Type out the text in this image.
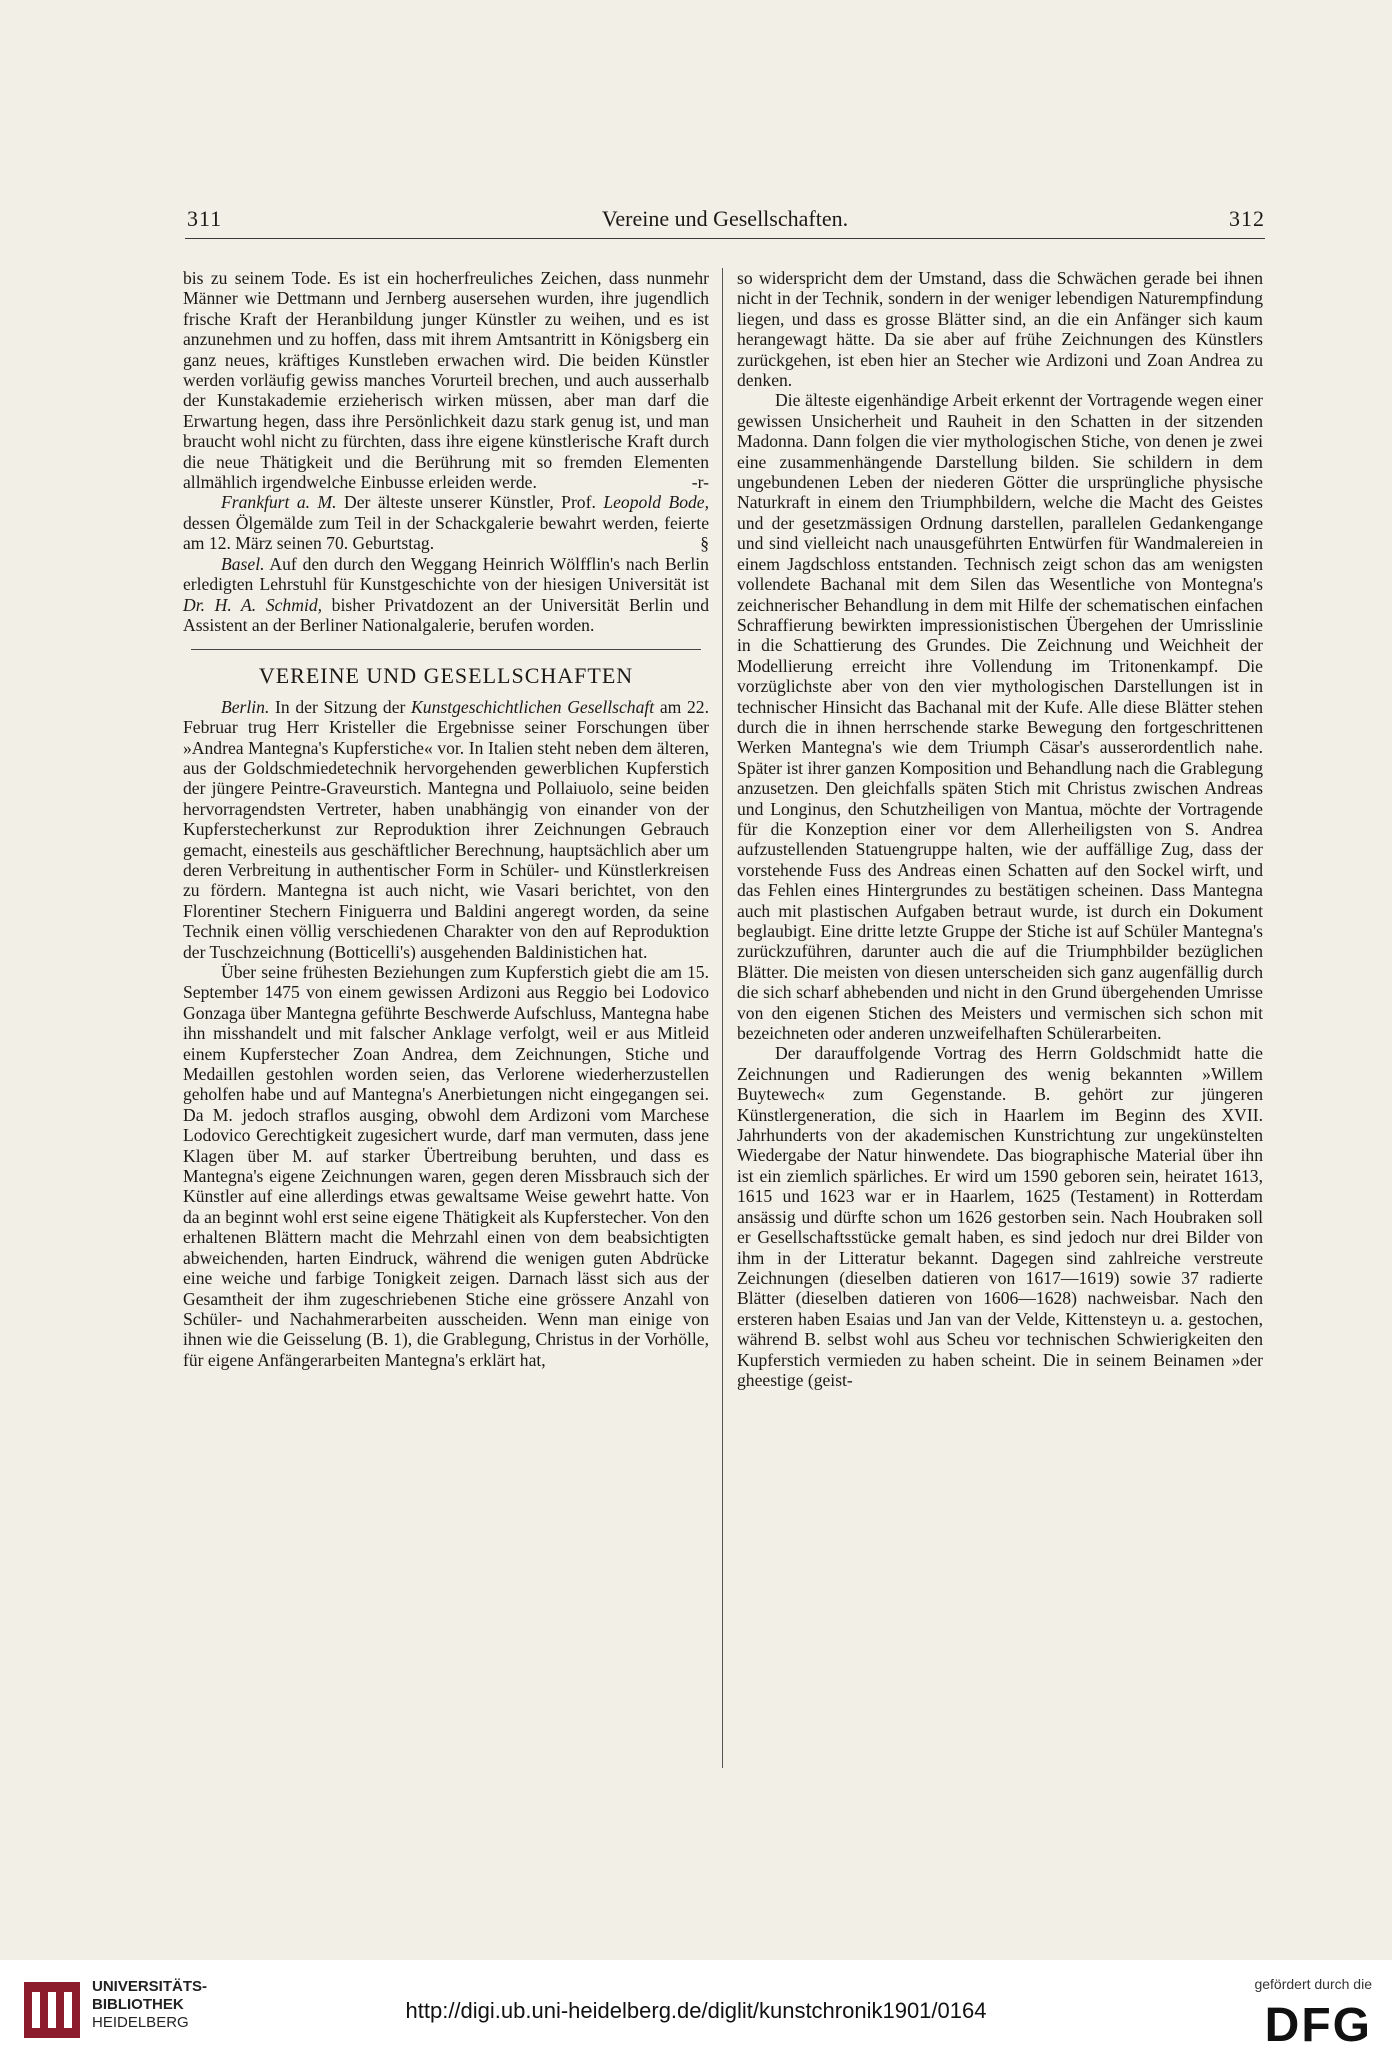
311	Vereine und Gesellschaften.	312

bis zu seinem Tode. Es ist ein hocherfreuliches Zeichen, dass nunmehr Männer wie Dettmann und Jernberg ausersehen wurden, ihre jugendlich frische Kraft der Heranbildung junger Künstler zu weihen, und es ist anzunehmen und zu hoffen, dass mit ihrem Amtsantritt in Königsberg ein ganz neues, kräftiges Kunstleben erwachen wird. Die beiden Künstler werden vorläufig gewiss manches Vorurteil brechen, und auch ausserhalb der Kunstakademie erzieherisch wirken müssen, aber man darf die Erwartung hegen, dass ihre Persönlichkeit dazu stark genug ist, und man braucht wohl nicht zu fürchten, dass ihre eigene künstlerische Kraft durch die neue Thätigkeit und die Berührung mit so fremden Elementen allmählich irgendwelche Einbusse erleiden werde.	-r-

Frankfurt a. M. Der älteste unserer Künstler, Prof. Leopold Bode, dessen Ölgemälde zum Teil in der Schackgalerie bewahrt werden, feierte am 12. März seinen 70. Geburtstag.	§

Basel. Auf den durch den Weggang Heinrich Wölfflin's nach Berlin erledigten Lehrstuhl für Kunstgeschichte von der hiesigen Universität ist Dr. H. A. Schmid, bisher Privatdozent an der Universität Berlin und Assistent an der Berliner Nationalgalerie, berufen worden.

VEREINE UND GESELLSCHAFTEN

Berlin. In der Sitzung der Kunstgeschichtlichen Gesellschaft am 22. Februar trug Herr Kristeller die Ergebnisse seiner Forschungen über »Andrea Mantegna's Kupferstiche« vor. In Italien steht neben dem älteren, aus der Goldschmiedetechnik hervorgehenden gewerblichen Kupferstich der jüngere Peintre-Graveurstich. Mantegna und Pollaiuolo, seine beiden hervorragendsten Vertreter, haben unabhängig von einander von der Kupferstecherkunst zur Reproduktion ihrer Zeichnungen Gebrauch gemacht, einesteils aus geschäftlicher Berechnung, hauptsächlich aber um deren Verbreitung in authentischer Form in Schüler- und Künstlerkreisen zu fördern. Mantegna ist auch nicht, wie Vasari berichtet, von den Florentiner Stechern Finiguerra und Baldini angeregt worden, da seine Technik einen völlig verschiedenen Charakter von den auf Reproduktion der Tuschzeichnung (Botticelli's) ausgehenden Baldinistichen hat.

Über seine frühesten Beziehungen zum Kupferstich giebt die am 15. September 1475 von einem gewissen Ardizoni aus Reggio bei Lodovico Gonzaga über Mantegna geführte Beschwerde Aufschluss, Mantegna habe ihn misshandelt und mit falscher Anklage verfolgt, weil er aus Mitleid einem Kupferstecher Zoan Andrea, dem Zeichnungen, Stiche und Medaillen gestohlen worden seien, das Verlorene wiederherzustellen geholfen habe und auf Mantegna's Anerbietungen nicht eingegangen sei. Da M. jedoch straflos ausging, obwohl dem Ardizoni vom Marchese Lodovico Gerechtigkeit zugesichert wurde, darf man vermuten, dass jene Klagen über M. auf starker Übertreibung beruhten, und dass es Mantegna's eigene Zeichnungen waren, gegen deren Missbrauch sich der Künstler auf eine allerdings etwas gewaltsame Weise gewehrt hatte. Von da an beginnt wohl erst seine eigene Thätigkeit als Kupferstecher. Von den erhaltenen Blättern macht die Mehrzahl einen von dem beabsichtigten abweichenden, harten Eindruck, während die wenigen guten Abdrücke eine weiche und farbige Tonigkeit zeigen. Darnach lässt sich aus der Gesamtheit der ihm zugeschriebenen Stiche eine grössere Anzahl von Schüler- und Nachahmerarbeiten ausscheiden. Wenn man einige von ihnen wie die Geisselung (B. 1), die Grablegung, Christus in der Vorhölle, für eigene Anfängerarbeiten Mantegna's erklärt hat,

so widerspricht dem der Umstand, dass die Schwächen gerade bei ihnen nicht in der Technik, sondern in der weniger lebendigen Naturempfindung liegen, und dass es grosse Blätter sind, an die ein Anfänger sich kaum herangewagt hätte. Da sie aber auf frühe Zeichnungen des Künstlers zurückgehen, ist eben hier an Stecher wie Ardizoni und Zoan Andrea zu denken.

Die älteste eigenhändige Arbeit erkennt der Vortragende wegen einer gewissen Unsicherheit und Rauheit in den Schatten in der sitzenden Madonna. Dann folgen die vier mythologischen Stiche, von denen je zwei eine zusammenhängende Darstellung bilden. Sie schildern in dem ungebundenen Leben der niederen Götter die ursprüngliche physische Naturkraft in einem den Triumphbildern, welche die Macht des Geistes und der gesetzmässigen Ordnung darstellen, parallelen Gedankengange und sind vielleicht nach unausgeführten Entwürfen für Wandmalereien in einem Jagdschloss entstanden. Technisch zeigt schon das am wenigsten vollendete Bachanal mit dem Silen das Wesentliche von Montegna's zeichnerischer Behandlung in dem mit Hilfe der schematischen einfachen Schraffierung bewirkten impressionistischen Übergehen der Umrisslinie in die Schattierung des Grundes. Die Zeichnung und Weichheit der Modellierung erreicht ihre Vollendung im Tritonenkampf. Die vorzüglichste aber von den vier mythologischen Darstellungen ist in technischer Hinsicht das Bachanal mit der Kufe. Alle diese Blätter stehen durch die in ihnen herrschende starke Bewegung den fortgeschrittenen Werken Mantegna's wie dem Triumph Cäsar's ausserordentlich nahe. Später ist ihrer ganzen Komposition und Behandlung nach die Grablegung anzusetzen. Den gleichfalls späten Stich mit Christus zwischen Andreas und Longinus, den Schutzheiligen von Mantua, möchte der Vortragende für die Konzeption einer vor dem Allerheiligsten von S. Andrea aufzustellenden Statuengruppe halten, wie der auffällige Zug, dass der vorstehende Fuss des Andreas einen Schatten auf den Sockel wirft, und das Fehlen eines Hintergrundes zu bestätigen scheinen. Dass Mantegna auch mit plastischen Aufgaben betraut wurde, ist durch ein Dokument beglaubigt. Eine dritte letzte Gruppe der Stiche ist auf Schüler Mantegna's zurückzuführen, darunter auch die auf die Triumphbilder bezüglichen Blätter. Die meisten von diesen unterscheiden sich ganz augenfällig durch die sich scharf abhebenden und nicht in den Grund übergehenden Umrisse von den eigenen Stichen des Meisters und vermischen sich schon mit bezeichneten oder anderen unzweifelhaften Schülerarbeiten.

Der darauffolgende Vortrag des Herrn Goldschmidt hatte die Zeichnungen und Radierungen des wenig bekannten »Willem Buytewech« zum Gegenstande. B. gehört zur jüngeren Künstlergeneration, die sich in Haarlem im Beginn des XVII. Jahrhunderts von der akademischen Kunstrichtung zur ungekünstelten Wiedergabe der Natur hinwendete. Das biographische Material über ihn ist ein ziemlich spärliches. Er wird um 1590 geboren sein, heiratet 1613, 1615 und 1623 war er in Haarlem, 1625 (Testament) in Rotterdam ansässig und dürfte schon um 1626 gestorben sein. Nach Houbraken soll er Gesellschaftsstücke gemalt haben, es sind jedoch nur drei Bilder von ihm in der Litteratur bekannt. Dagegen sind zahlreiche verstreute Zeichnungen (dieselben datieren von 1617—1619) sowie 37 radierte Blätter (dieselben datieren von 1606—1628) nachweisbar. Nach den ersteren haben Esaias und Jan van der Velde, Kittensteyn u. a. gestochen, während B. selbst wohl aus Scheu vor technischen Schwierigkeiten den Kupferstich vermieden zu haben scheint. Die in seinem Beinamen »der gheestige (geist-

UNIVERSITÄTS-
BIBLIOTHEK
HEIDELBERG	http://digi.ub.uni-heidelberg.de/diglit/kunstchronik1901/0164
gefördert durch die
DFG
